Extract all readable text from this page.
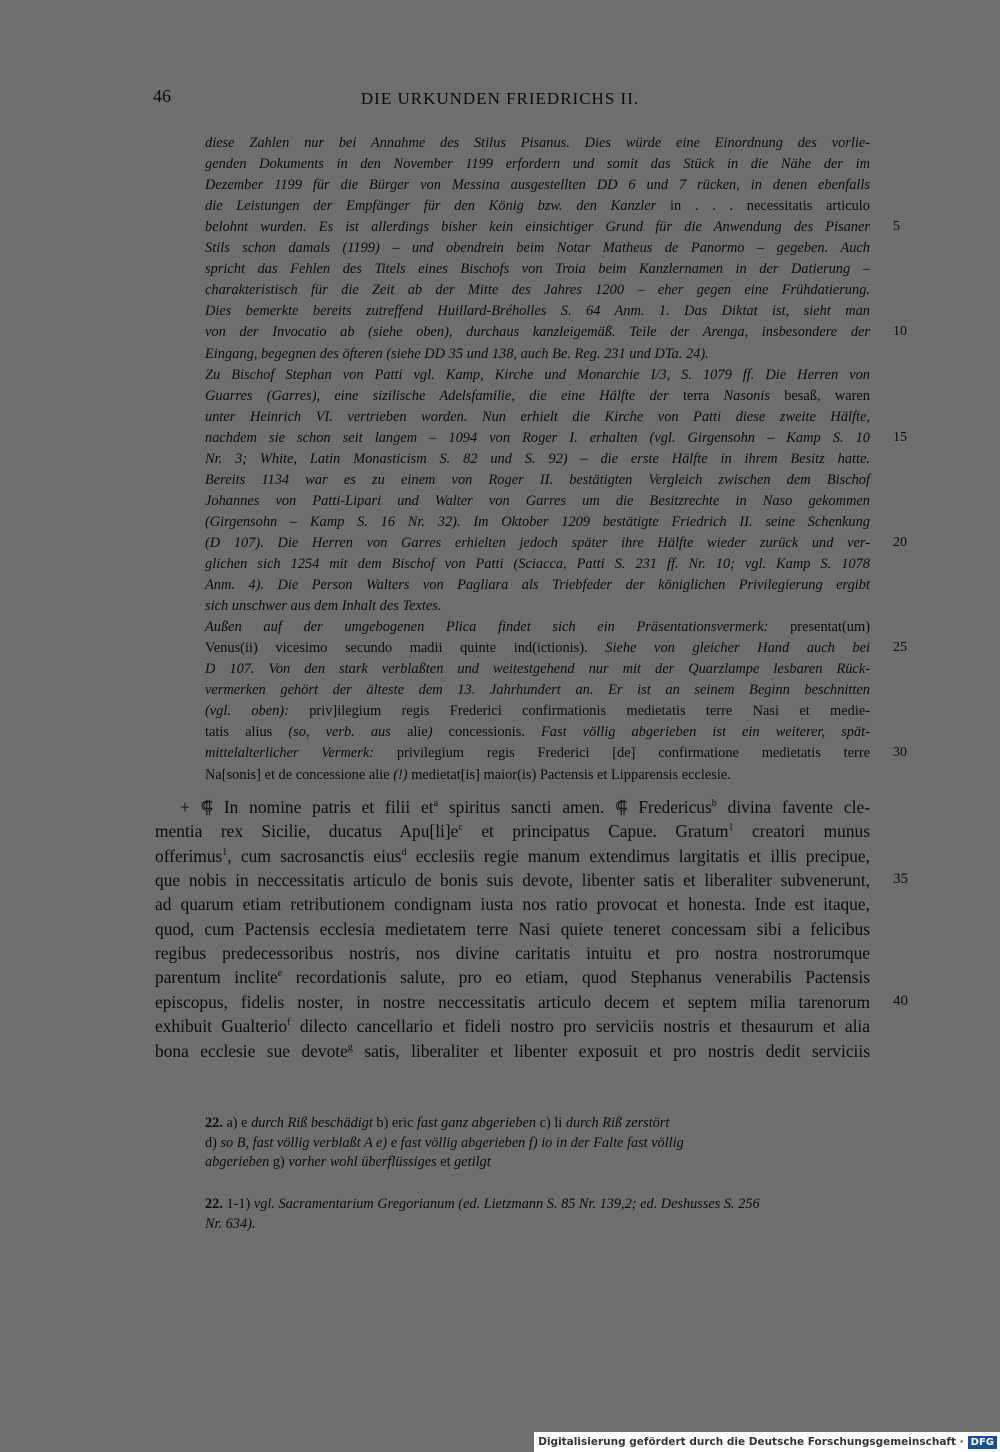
46	DIE URKUNDEN FRIEDRICHS II.
diese Zahlen nur bei Annahme des Stilus Pisanus. Dies würde eine Einordnung des vorlie-
genden Dokuments in den November 1199 erfordern und somit das Stück in die Nähe der im
Dezember 1199 für die Bürger von Messina ausgestellten DD 6 und 7 rücken, in denen ebenfalls
die Leistungen der Empfänger für den König bzw. den Kanzler in . . . necessitatis articulo
belohnt wurden. Es ist allerdings bisher kein einsichtiger Grund für die Anwendung des Pisaner
Stils schon damals (1199) – und obendrein beim Notar Matheus de Panormo – gegeben. Auch
spricht das Fehlen des Titels eines Bischofs von Troia beim Kanzlernamen in der Datierung –
charakteristisch für die Zeit ab der Mitte des Jahres 1200 – eher gegen eine Frühdatierung.
Dies bemerkte bereits zutreffend Huillard-Bréholles S. 64 Anm. 1. Das Diktat ist, sieht man
von der Invocatio ab (siehe oben), durchaus kanzleigemäß. Teile der Arenga, insbesondere der
Eingang, begegnen des öfteren (siehe DD 35 und 138, auch Be. Reg. 231 und DTa. 24).
Zu Bischof Stephan von Patti vgl. Kamp, Kirche und Monarchie I/3, S. 1079 ff. Die Herren von
Guarres (Garres), eine sizilische Adelsfamilie, die eine Hälfte der terra Nasonis besaß, waren
unter Heinrich VI. vertrieben worden. Nun erhielt die Kirche von Patti diese zweite Hälfte,
nachdem sie schon seit langem – 1094 von Roger I. erhalten (vgl. Girgensohn – Kamp S. 10
Nr. 3; White, Latin Monasticism S. 82 und S. 92) – die erste Hälfte in ihrem Besitz hatte.
Bereits 1134 war es zu einem von Roger II. bestätigten Vergleich zwischen dem Bischof
Johannes von Patti-Lipari und Walter von Garres um die Besitzrechte in Naso gekommen
(Girgensohn – Kamp S. 16 Nr. 32). Im Oktober 1209 bestätigte Friedrich II. seine Schenkung
(D 107). Die Herren von Garres erhielten jedoch später ihre Hälfte wieder zurück und ver-
glichen sich 1254 mit dem Bischof von Patti (Sciacca, Patti S. 231 ff. Nr. 10; vgl. Kamp S. 1078
Anm. 4). Die Person Walters von Pagliara als Triebfeder der königlichen Privilegierung ergibt
sich unschwer aus dem Inhalt des Textes.
Außen auf der umgebogenen Plica findet sich ein Präsentationsvermerk: presentat(um)
Venus(ii) vicesimo secundo madii quinte ind(ictionis). Siehe von gleicher Hand auch bei
D 107. Von den stark verblaßten und weitestgehend nur mit der Quarzlampe lesbaren Rück-
vermerken gehört der älteste dem 13. Jahrhundert an. Er ist an seinem Beginn beschnitten
(vgl. oben): priv]ilegium regis Frederici confirmationis medietatis terre Nasi et medie-
tatis alius (so, verb. aus alie) concessionis. Fast völlig abgerieben ist ein weiterer, spät-
mittelalterlicher Vermerk: privilegium regis Frederici [de] confirmatione medietatis terre
Na[sonis] et de concessione alie (!) medietat[is] maior(is) Pactensis et Lipparensis ecclesie.
5
10
15
20
25
30
+ ⸿ In nomine patris et filii $et^a$ spiritus sancti amen. ⸿ Fredericus$^b$ divina favente cle-
mentia rex Sicilie, ducatus $Apu[li]e^c$ et principatus Capue. Gratum$^1$ creatori munus
offerimus$^1$, cum sacrosanctis eius$^d$ ecclesiis regie manum extendimus largitatis et illis precipue,
que nobis in neccessitatis articulo de bonis suis devote, libenter satis et liberaliter subvenerunt,
ad quarum etiam retributionem condignam iusta nos ratio provocat et honesta. Inde est itaque,
quod, cum Pactensis ecclesia medietatem terre Nasi quiete teneret concessam sibi a felicibus
regibus predecessoribus nostris, nos divine caritatis intuitu et pro nostra nostrorumque
parentum inclite$^e$ recordationis salute, pro eo etiam, quod Stephanus venerabilis Pactensis
episcopus, fidelis noster, in nostre neccessitatis articulo decem et septem milia tarenorum
exhibuit Gualterio$^f$ dilecto cancellario et fideli nostro pro serviciis nostris et thesaurum et alia
bona ecclesie sue devote$^g$ satis, liberaliter et libenter exposuit et pro nostris dedit serviciis
35
40
22. a) e durch Riß beschädigt b) eric fast ganz abgerieben c) li durch Riß zerstört
d) so B, fast völlig verblaßt A e) e fast völlig abgerieben f) io in der Falte fast völlig
abgerieben g) vorher wohl überflüssiges et getilgt
22. 1-1) vgl. Sacramentarium Gregorianum (ed. Lietzmann S. 85 Nr. 139,2; ed. Deshusses S. 256
Nr. 634).
Digitalisierung gefördert durch die Deutsche Forschungsgemeinschaft · DFG
